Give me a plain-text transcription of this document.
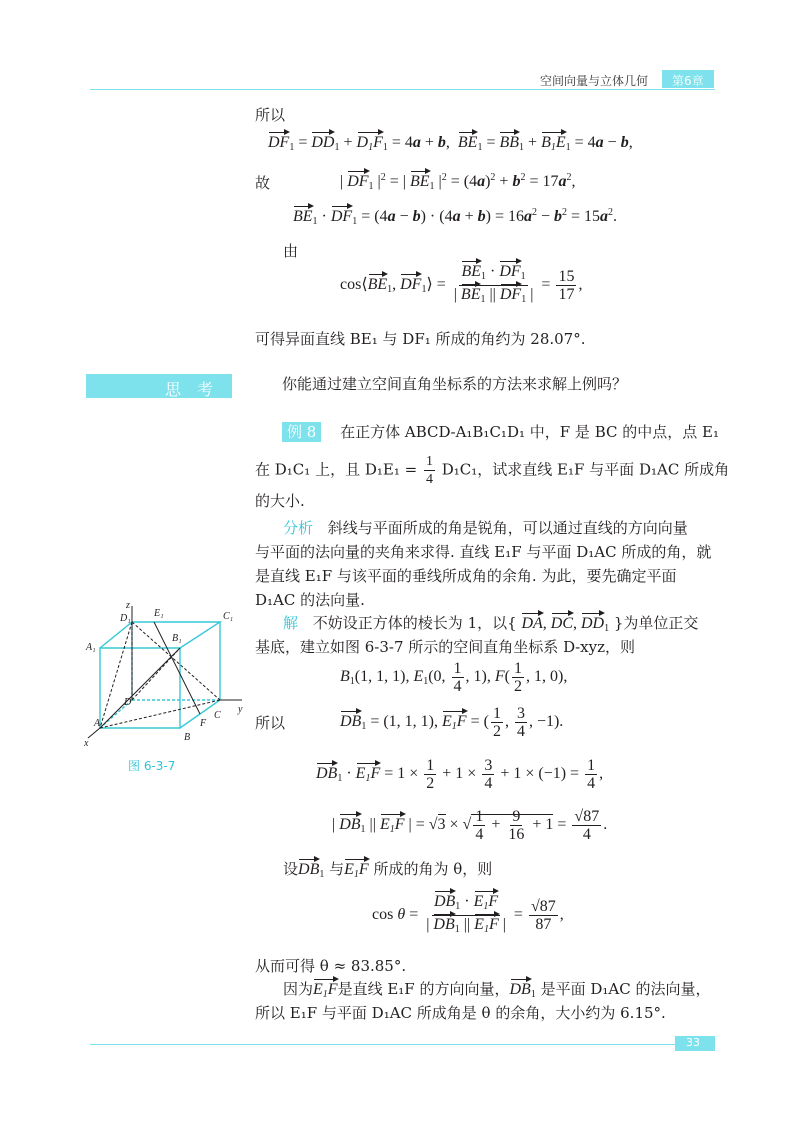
空间向量与立体几何 第6章
所以
$DF_1 = DD_1 + D_1F_1 = 4a + b$,  $BE_1 = BB_1 + B_1E_1 = 4a - b$,
故	| $DF_1$ $|^2$ = | $BE_1$ $|^2 = (4a)^2 + b^2 = 17a^2$,
$BE_1 \cdot DF_1 = (4a - b) \cdot (4a + b) = 16a^2 - b^2 = 15a^2$.
由
$\cos⟨BE_1$, $DF_1⟩ = \frac{BE_1 \cdot DF_1}{| BE_1 || DF_1 |} = \frac{15}{17}$ ,
可得异面直线 BE₁ 与 DF₁ 所成的角约为 28.07°.
思　考	你能通过建立空间直角坐标系的方法来求解上例吗？
例 8 在正方体 ABCD‑A₁B₁C₁D₁ 中，F 是 BC 的中点，点 E₁
在 D₁C₁ 上，且 $D_1E_1 = \frac{1}{4} D_1C_1$，试求直线 E₁F 与平面 D₁AC 所成角
的大小.
分析 斜线与平面所成的角是锐角，可以通过直线的方向向量
与平面的法向量的夹角来求得. 直线 E₁F 与平面 D₁AC 所成的角，就
是直线 E₁F 与该平面的垂线所成角的余角. 为此，要先确定平面
D₁AC 的法向量.
解 不妨设正方体的棱长为 1，以{ DA, DC, $DD_1$ }为单位正交
基底，建立如图 6‑3‑7 所示的空间直角坐标系 D‑xyz，则
$B_1(1$, 1, 1), $E_1(0$, $\frac{1}{4}$ , 1), $F( \frac{1}{2}$ , 1, 0),
所以	$DB_1 = (1$, 1, 1), $E_1F$ = ( $\frac{1}{2}$ , $\frac{3}{4}$ , −1).
$DB_1 \cdot E_1F = 1 \times \frac{1}{2} + 1 \times \frac{3}{4} + 1 \times (-1) = \frac{1}{4}$ ,
| $DB_1$ || $E_1F$ | = √3 × √ $\frac{1}{4} + \frac{9}{16} + 1 = \frac{√87}{4}$ .
设$DB_1$ 与$E_1F$ 所成的角为 θ，则
$\cos \theta = \frac{DB_1 \cdot E_1F}{| DB_1 || E_1F |} = \frac{√87}{87}$ ,
从而可得 θ ≈ 83.85°.
因为$E_1F$是直线 E₁F 的方向向量，$DB_1$ 是平面 D₁AC 的法向量，
所以 E₁F 与平面 D₁AC 所成角是 θ 的余角，大小约为 6.15°.
z
y
x
D₁ E₁	C₁
A₁
B₁
D
A
B
C
F
图 6‑3‑7
33
